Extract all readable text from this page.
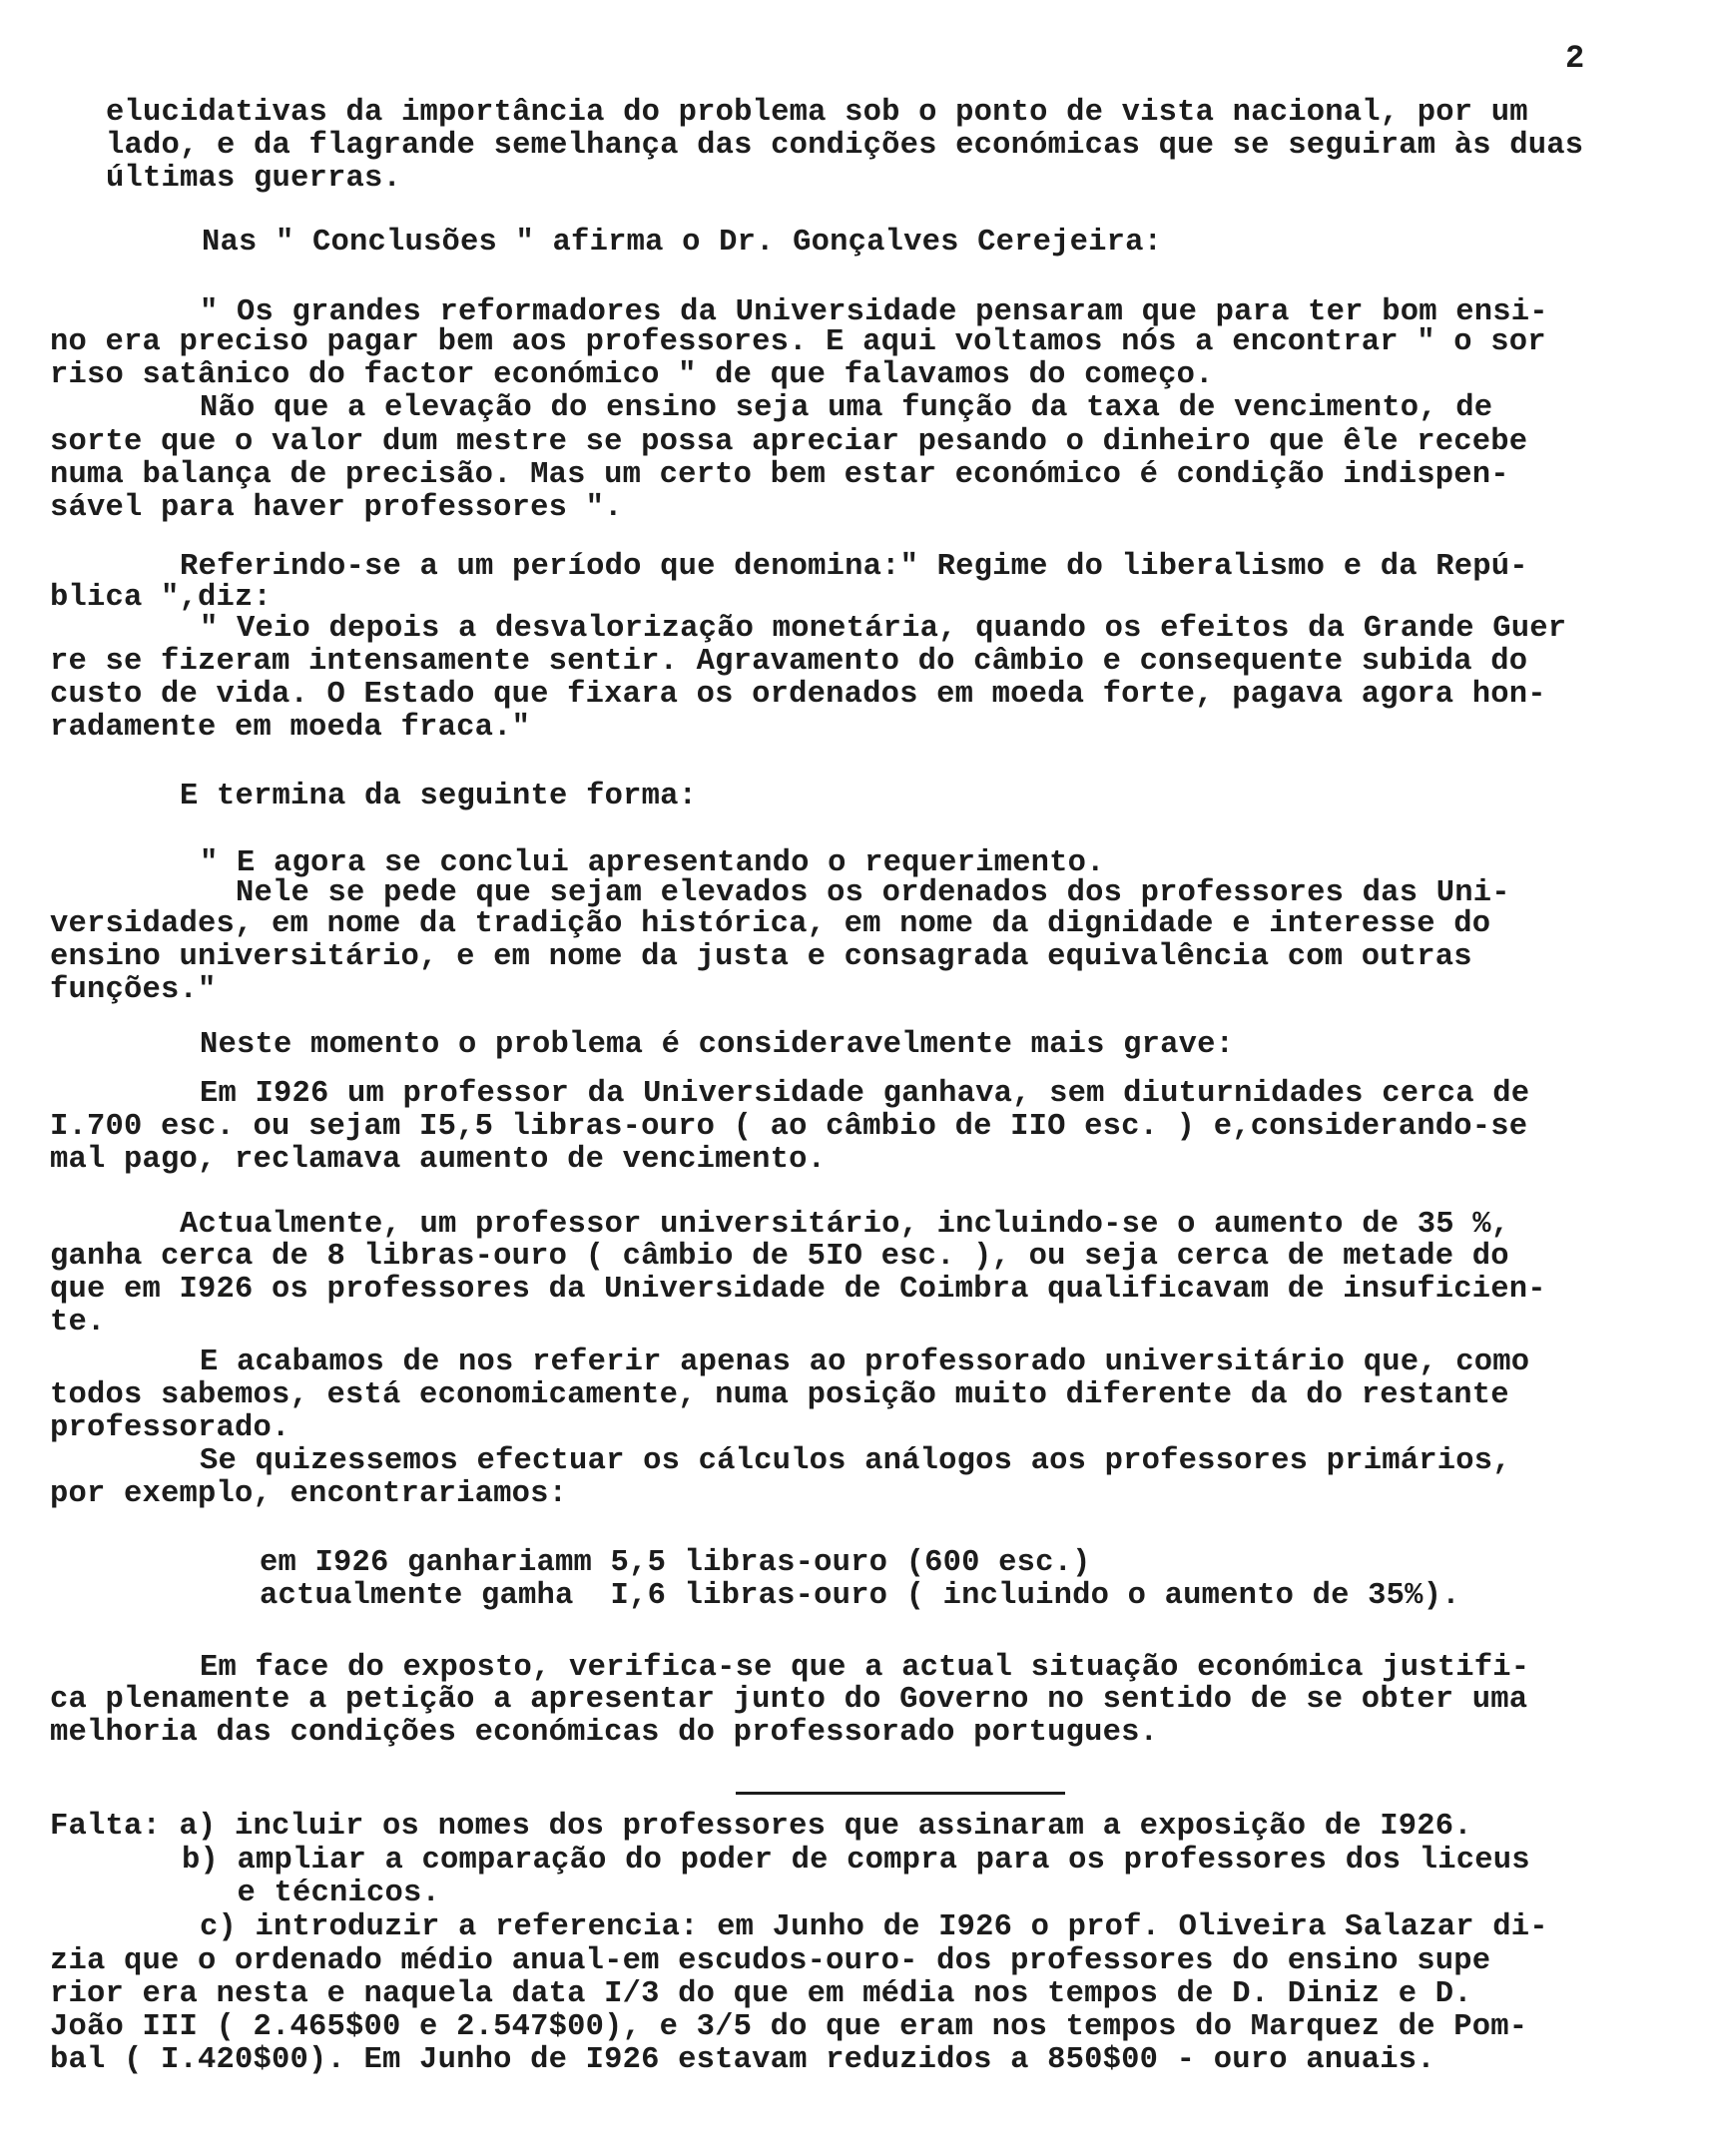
2
elucidativas da importância do problema sob o ponto de vista nacional, por um
lado, e da flagrande semelhança das condições económicas que se seguiram às duas
últimas guerras.
Nas " Conclusões " afirma o Dr. Gonçalves Cerejeira:
" Os grandes reformadores da Universidade pensaram que para ter bom ensi-
no era preciso pagar bem aos professores. E aqui voltamos nós a encontrar " o sor
riso satânico do factor económico " de que falavamos do começo.
Não que a elevação do ensino seja uma função da taxa de vencimento, de
sorte que o valor dum mestre se possa apreciar pesando o dinheiro que êle recebe
numa balança de precisão. Mas um certo bem estar económico é condição indispen-
sável para haver professores ".
Referindo-se a um período que denomina:" Regime do liberalismo e da Repú-
blica ",diz:
" Veio depois a desvalorização monetária, quando os efeitos da Grande Guer
re se fizeram intensamente sentir. Agravamento do câmbio e consequente subida do
custo de vida. O Estado que fixara os ordenados em moeda forte, pagava agora hon-
radamente em moeda fraca."
E termina da seguinte forma:
" E agora se conclui apresentando o requerimento.
Nele se pede que sejam elevados os ordenados dos professores das Uni-
versidades, em nome da tradição histórica, em nome da dignidade e interesse do
ensino universitário, e em nome da justa e consagrada equivalência com outras
funções."
Neste momento o problema é consideravelmente mais grave:
Em I926 um professor da Universidade ganhava, sem diuturnidades cerca de
I.700 esc. ou sejam I5,5 libras-ouro ( ao câmbio de IIO esc. ) e,considerando-se
mal pago, reclamava aumento de vencimento.
Actualmente, um professor universitário, incluindo-se o aumento de 35 %,
ganha cerca de 8 libras-ouro ( câmbio de 5IO esc. ), ou seja cerca de metade do
que em I926 os professores da Universidade de Coimbra qualificavam de insuficien-
te.
E acabamos de nos referir apenas ao professorado universitário que, como
todos sabemos, está economicamente, numa posição muito diferente da do restante
professorado.
Se quizessemos efectuar os cálculos análogos aos professores primários,
por exemplo, encontrariamos:
em I926 ganhariamm 5,5 libras-ouro (600 esc.)
actualmente gamha  I,6 libras-ouro ( incluindo o aumento de 35%).
Em face do exposto, verifica-se que a actual situação económica justifi-
ca plenamente a petição a apresentar junto do Governo no sentido de se obter uma
melhoria das condições económicas do professorado portugues.
Falta: a) incluir os nomes dos professores que assinaram a exposição de I926.
b) ampliar a comparação do poder de compra para os professores dos liceus
e técnicos.
c) introduzir a referencia: em Junho de I926 o prof. Oliveira Salazar di-
zia que o ordenado médio anual-em escudos-ouro- dos professores do ensino supe
rior era nesta e naquela data I/3 do que em média nos tempos de D. Diniz e D.
João III ( 2.465$00 e 2.547$00), e 3/5 do que eram nos tempos do Marquez de Pom-
bal ( I.420$00). Em Junho de I926 estavam reduzidos a 850$00 - ouro anuais.
